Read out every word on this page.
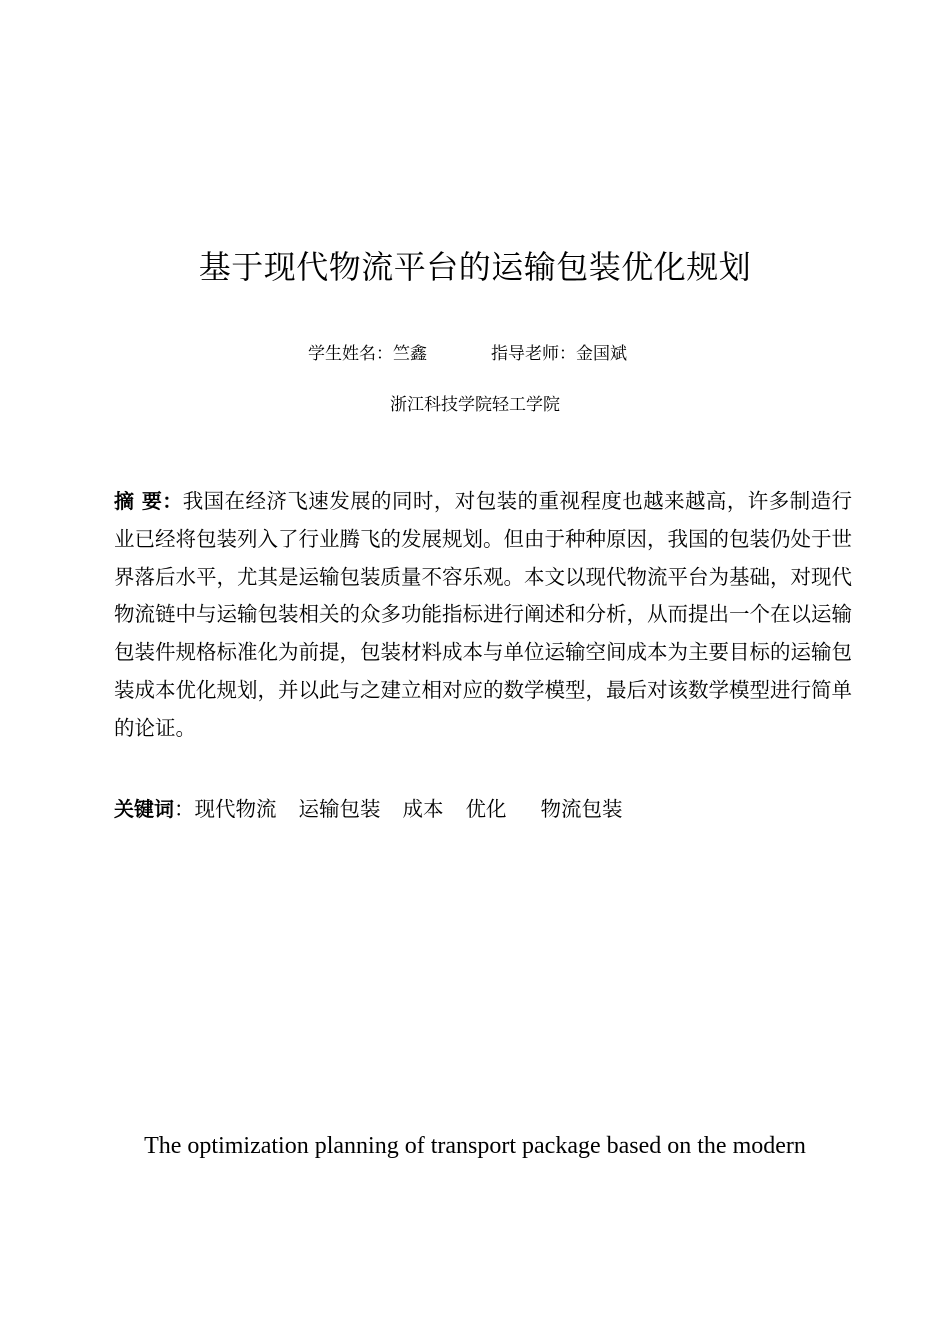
基于现代物流平台的运输包装优化规划
学生姓名：竺鑫	指导老师：金国斌
浙江科技学院轻工学院
摘 要：我国在经济飞速发展的同时，对包装的重视程度也越来越高，许多制造行业已经将包装列入了行业腾飞的发展规划。但由于种种原因，我国的包装仍处于世界落后水平，尤其是运输包装质量不容乐观。本文以现代物流平台为基础，对现代物流链中与运输包装相关的众多功能指标进行阐述和分析，从而提出一个在以运输包装件规格标准化为前提，包装材料成本与单位运输空间成本为主要目标的运输包装成本优化规划，并以此与之建立相对应的数学模型，最后对该数学模型进行简单的论证。
关键词：现代物流 运输包装 成本 优化 物流包装
The optimization planning of transport package based on the modern
